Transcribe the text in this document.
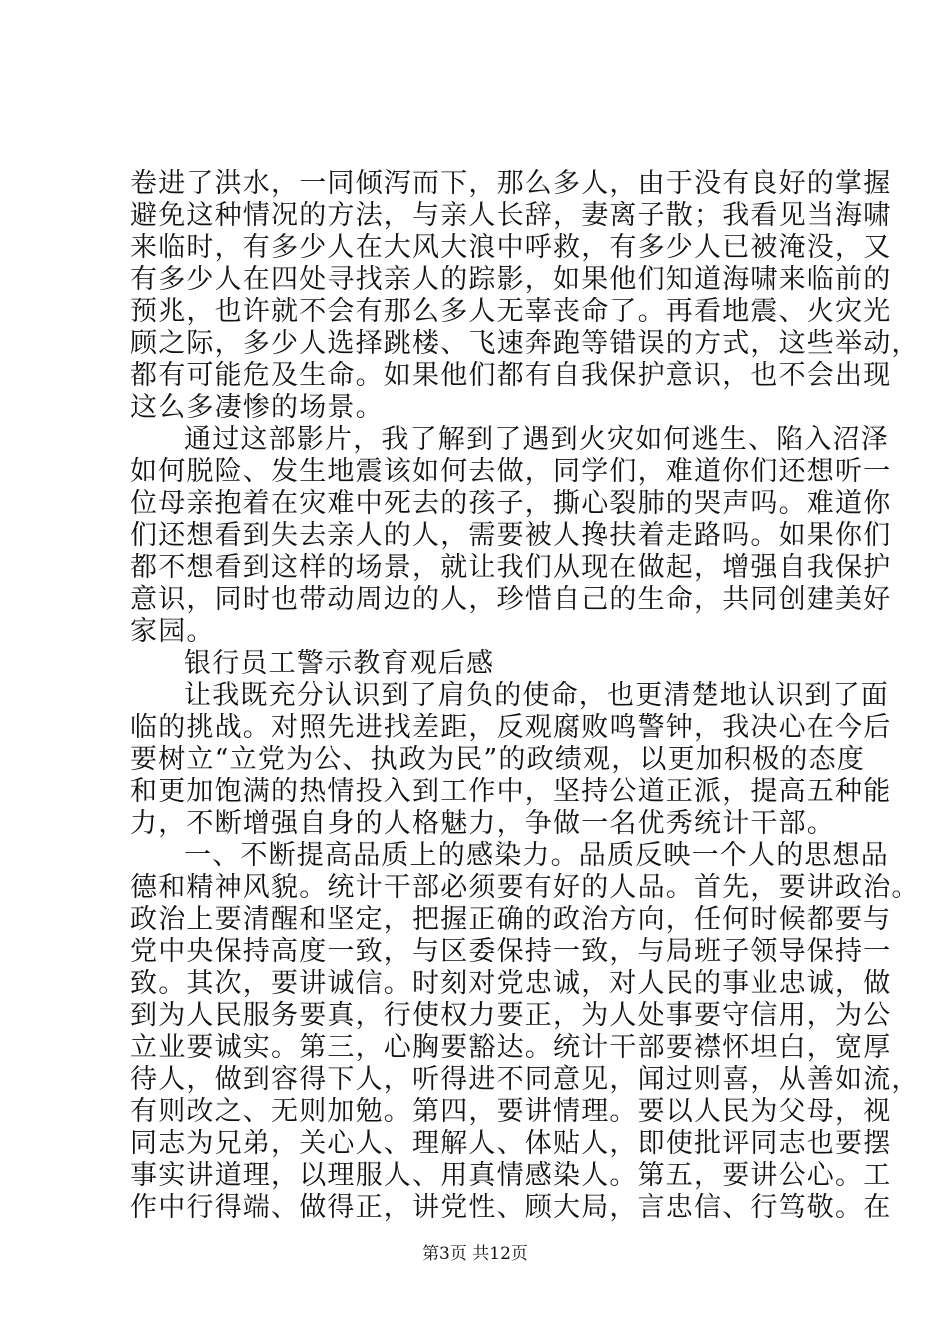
卷进了洪水，一同倾泻而下，那么多人，由于没有良好的掌握
避免这种情况的方法，与亲人长辞，妻离子散；我看见当海啸
来临时，有多少人在大风大浪中呼救，有多少人已被淹没，又
有多少人在四处寻找亲人的踪影，如果他们知道海啸来临前的
预兆，也许就不会有那么多人无辜丧命了。再看地震、火灾光
顾之际，多少人选择跳楼、飞速奔跑等错误的方式，这些举动，
都有可能危及生命。如果他们都有自我保护意识，也不会出现
这么多凄惨的场景。
通过这部影片，我了解到了遇到火灾如何逃生、陷入沼泽
如何脱险、发生地震该如何去做，同学们，难道你们还想听一
位母亲抱着在灾难中死去的孩子，撕心裂肺的哭声吗。难道你
们还想看到失去亲人的人，需要被人搀扶着走路吗。如果你们
都不想看到这样的场景，就让我们从现在做起，增强自我保护
意识，同时也带动周边的人，珍惜自己的生命，共同创建美好
家园。
银行员工警示教育观后感
让我既充分认识到了肩负的使命，也更清楚地认识到了面
临的挑战。对照先进找差距，反观腐败鸣警钟，我决心在今后
要树立“立党为公、执政为民”的政绩观，以更加积极的态度
和更加饱满的热情投入到工作中，坚持公道正派，提高五种能
力，不断增强自身的人格魅力，争做一名优秀统计干部。
一、不断提高品质上的感染力。品质反映一个人的思想品
德和精神风貌。统计干部必须要有好的人品。首先，要讲政治。
政治上要清醒和坚定，把握正确的政治方向，任何时候都要与
党中央保持高度一致，与区委保持一致，与局班子领导保持一
致。其次，要讲诚信。时刻对党忠诚，对人民的事业忠诚，做
到为人民服务要真，行使权力要正，为人处事要守信用，为公
立业要诚实。第三，心胸要豁达。统计干部要襟怀坦白，宽厚
待人，做到容得下人，听得进不同意见，闻过则喜，从善如流，
有则改之、无则加勉。第四，要讲情理。要以人民为父母，视
同志为兄弟，关心人、理解人、体贴人，即使批评同志也要摆
事实讲道理，以理服人、用真情感染人。第五，要讲公心。工
作中行得端、做得正，讲党性、顾大局，言忠信、行笃敬。在
第3页 共12页
